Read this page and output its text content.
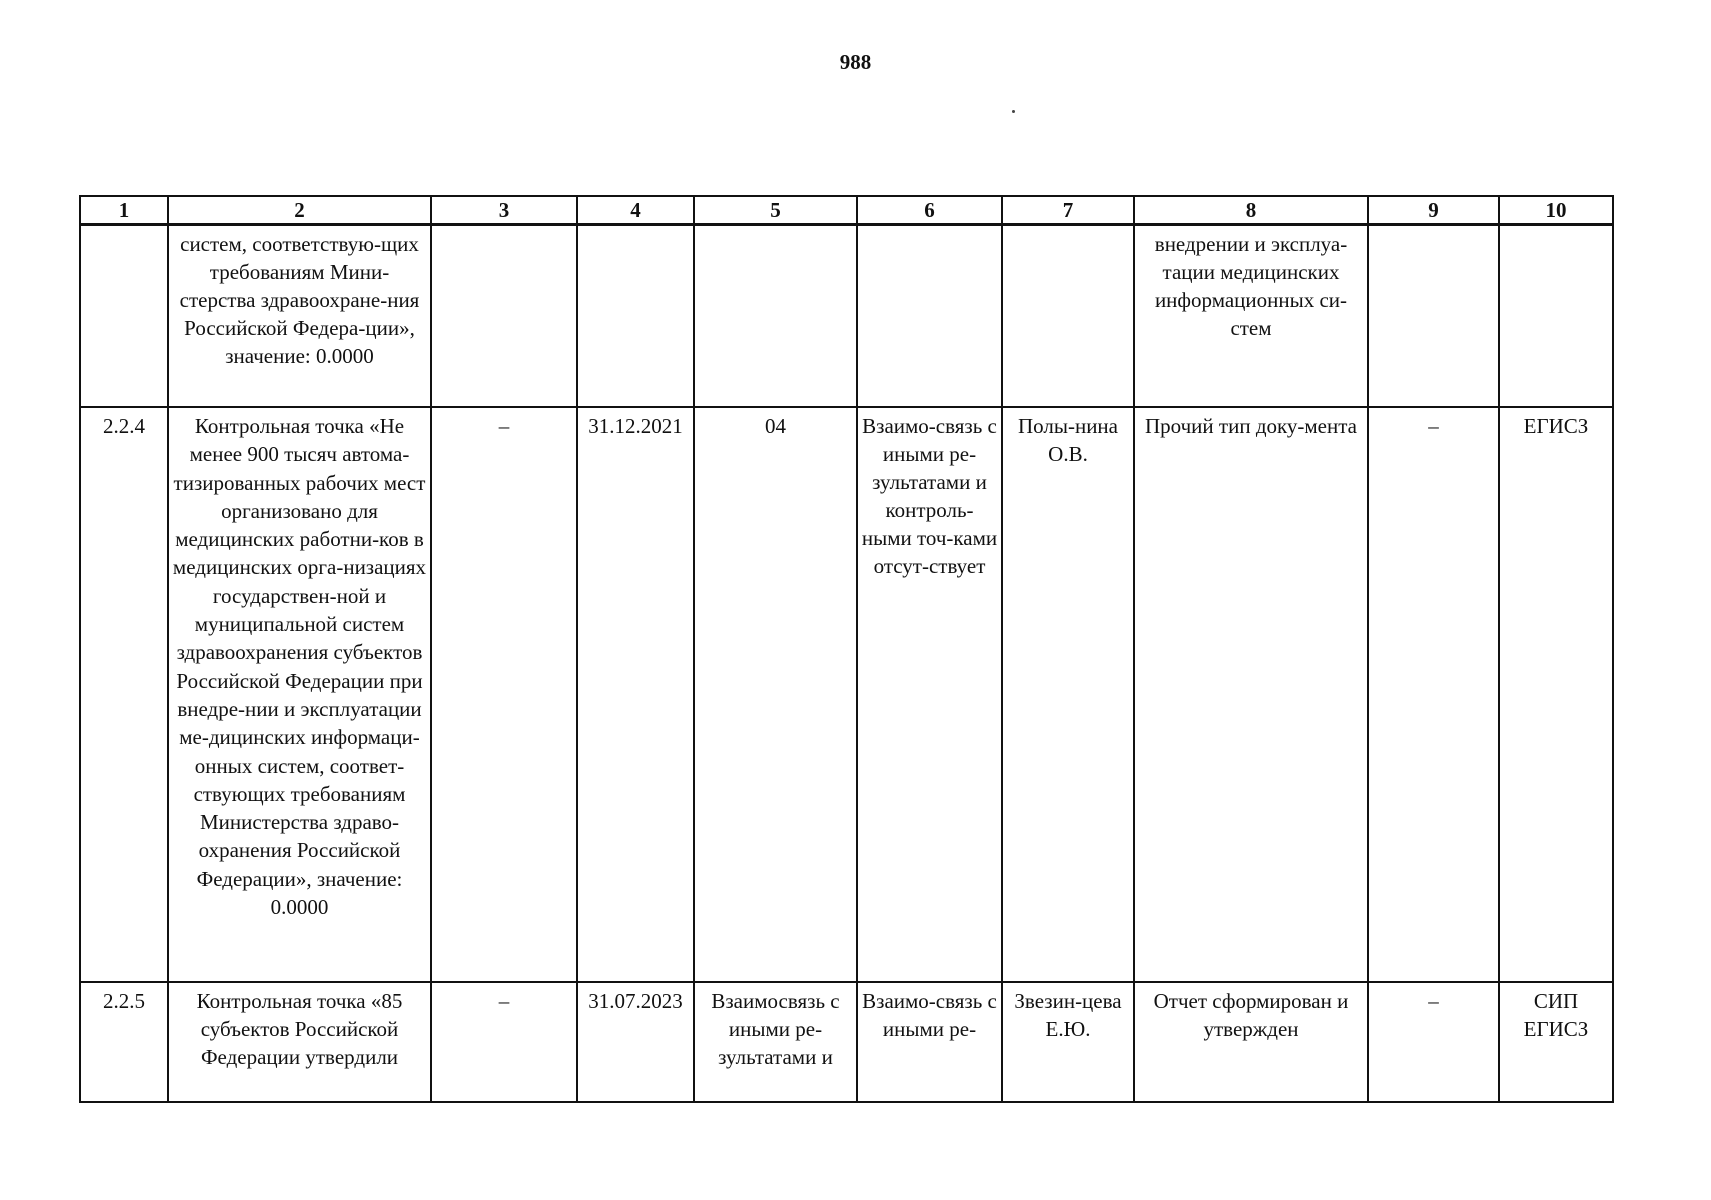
988
1	2	3	4	5	6	7	8	9	10
	систем, соответствую-щих требованиям Мини-стерства здравоохране-ния Российской Федера-ции», значение: 0.0000						внедрении и эксплуа-тации медицинских информационных си-стем		
2.2.4	Контрольная точка «Не менее 900 тысяч автома-тизированных рабочих мест организовано для медицинских работни-ков в медицинских орга-низациях государствен-ной и муниципальной систем здравоохранения субъектов Российской Федерации при внедре-нии и эксплуатации ме-дицинских информаци-онных систем, соответ-ствующих требованиям Министерства здраво-охранения Российской Федерации», значение: 0.0000	–	31.12.2021	04	Взаимо-связь с иными ре-зультатами и контроль-ными точ-ками отсут-ствует	Полы-нина О.В.	Прочий тип доку-мента	–	ЕГИСЗ
2.2.5	Контрольная точка «85 субъектов Российской Федерации утвердили	–	31.07.2023	Взаимосвязь с иными ре-зультатами и	Взаимо-связь с иными ре-	Звезин-цева Е.Ю.	Отчет сформирован и утвержден	–	СИП ЕГИСЗ
